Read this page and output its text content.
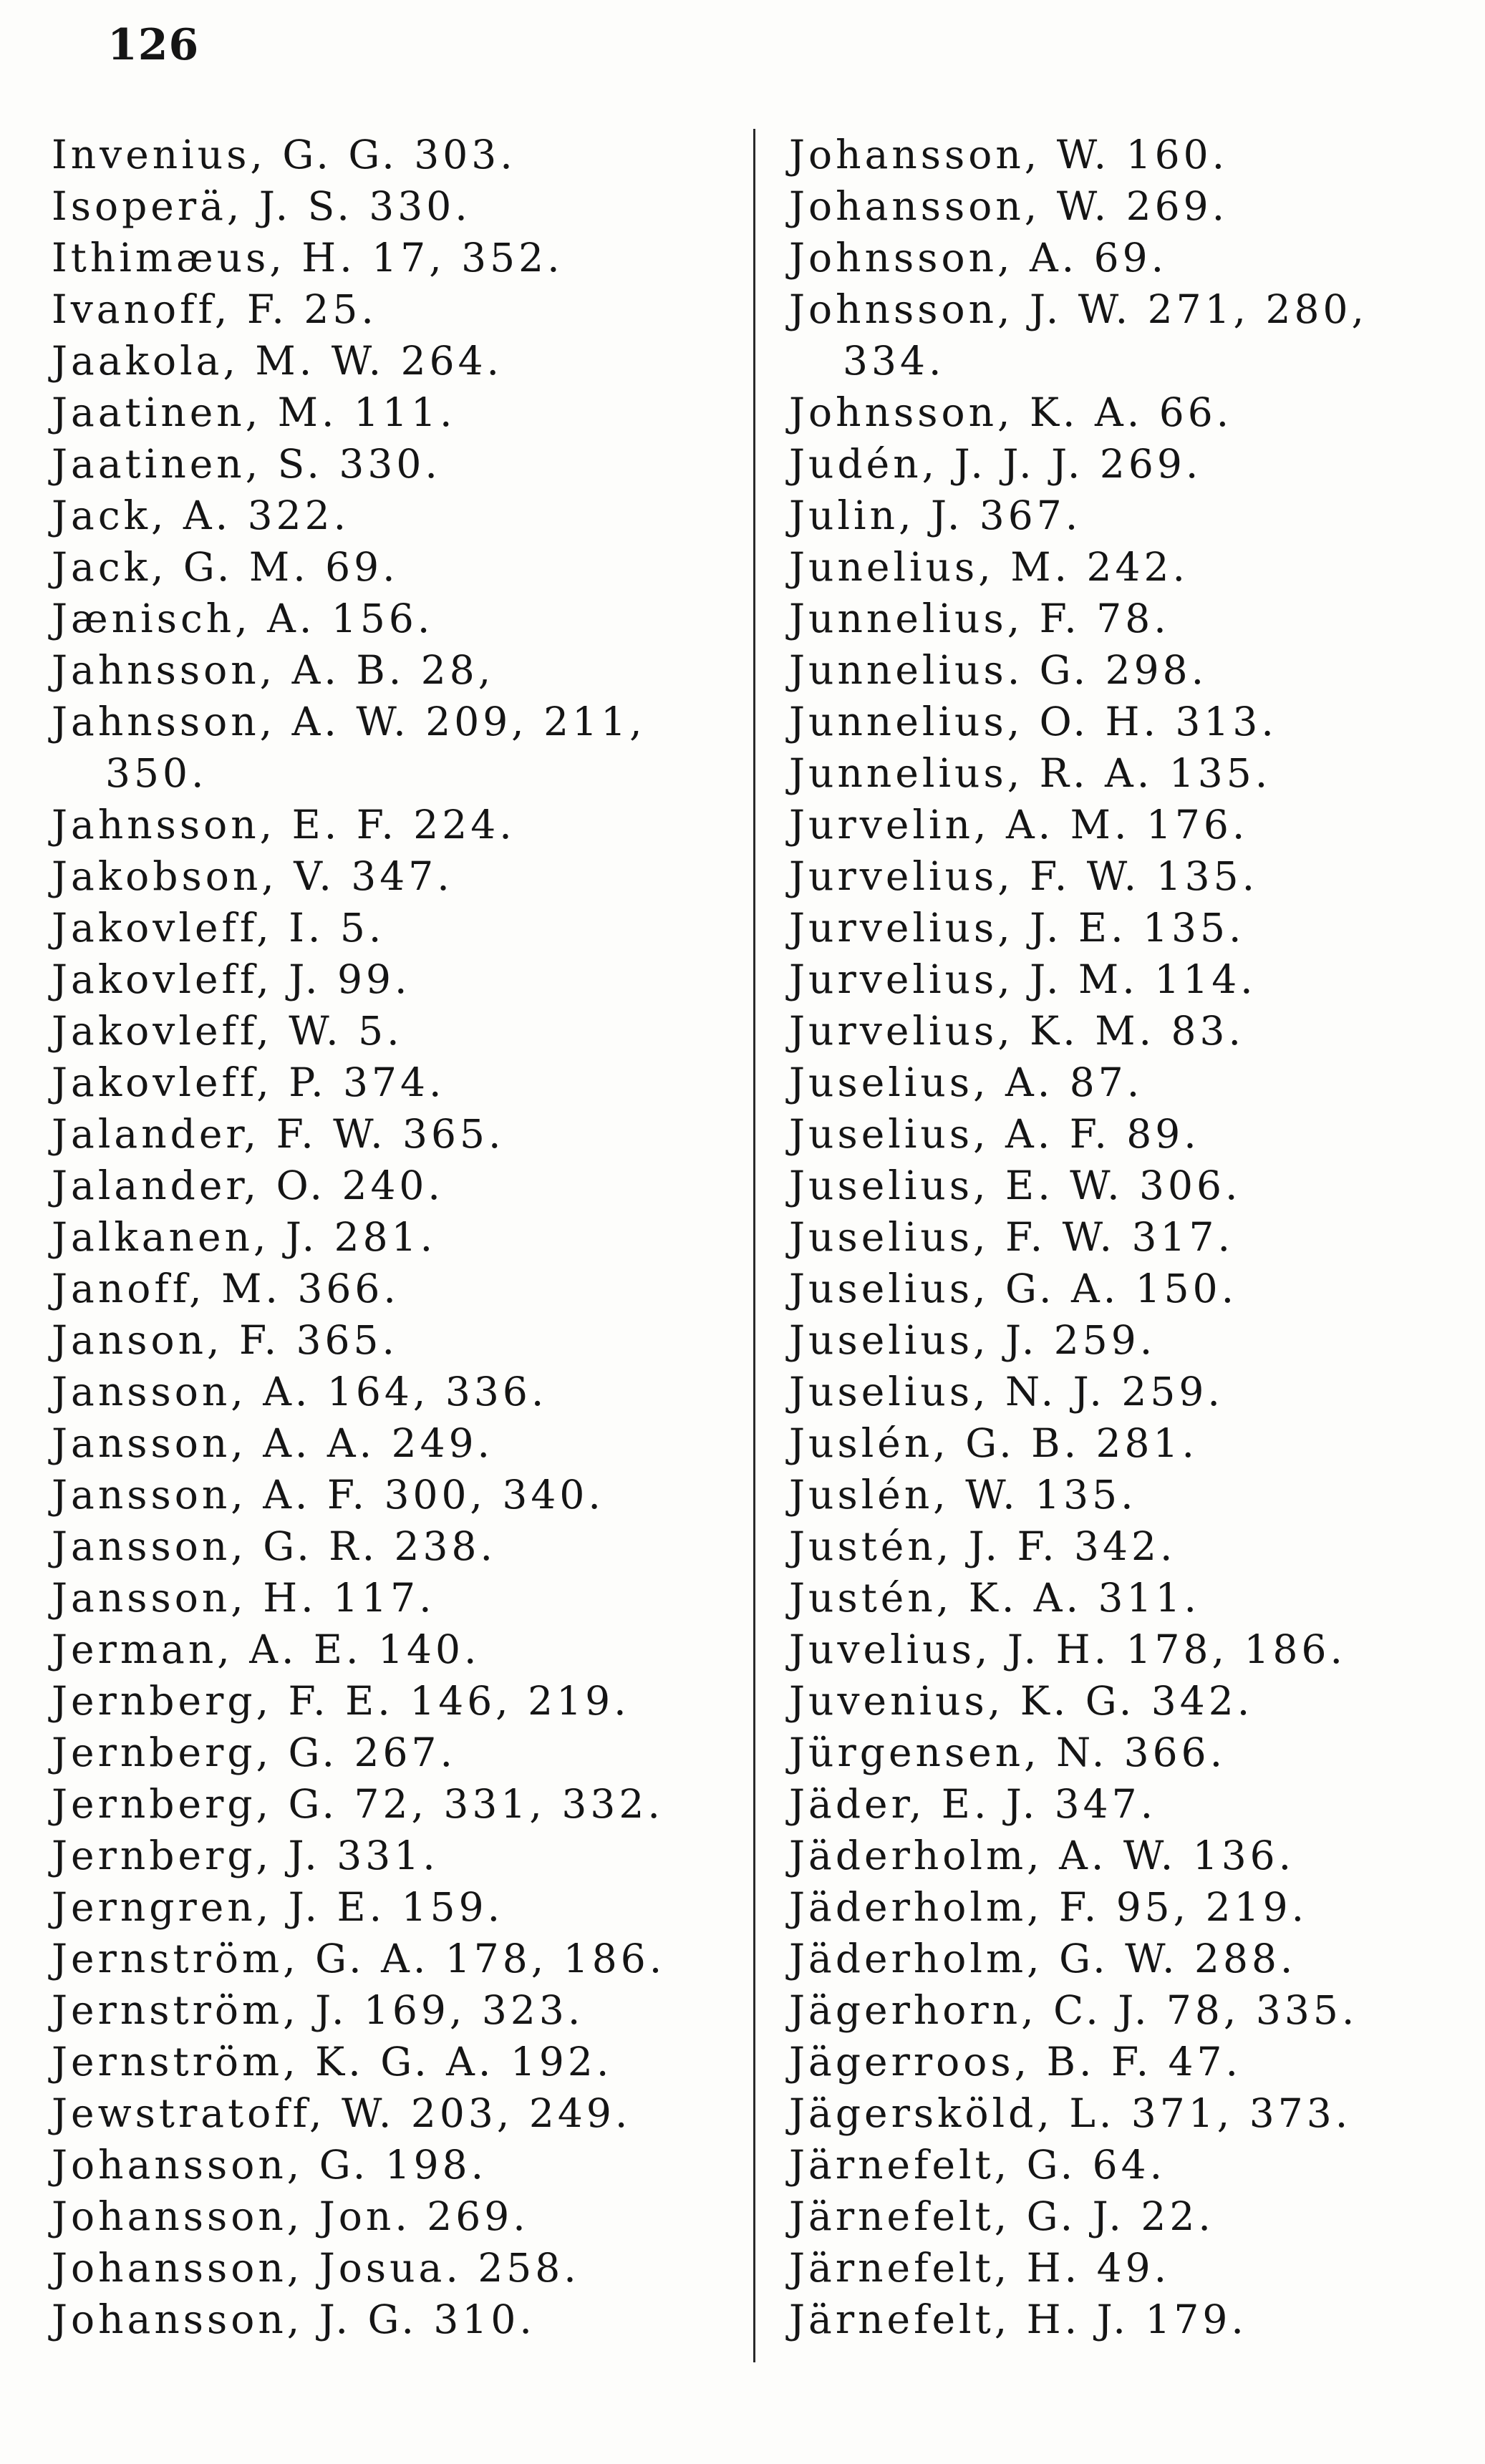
126
Invenius, G. G. 303.
Isoperä, J. S. 330.
Ithimæus, H. 17, 352.
Ivanoff, F. 25.
Jaakola, M. W. 264.
Jaatinen, M. 111.
Jaatinen, S. 330.
Jack, A. 322.
Jack, G. M. 69.
Jænisch, A. 156.
Jahnsson, A. B. 28,
Jahnsson, A. W. 209, 211,
350.
Jahnsson, E. F. 224.
Jakobson, V. 347.
Jakovleff, I. 5.
Jakovleff, J. 99.
Jakovleff, W. 5.
Jakovleff, P. 374.
Jalander, F. W. 365.
Jalander, O. 240.
Jalkanen, J. 281.
Janoff, M. 366.
Janson, F. 365.
Jansson, A. 164, 336.
Jansson, A. A. 249.
Jansson, A. F. 300, 340.
Jansson, G. R. 238.
Jansson, H. 117.
Jerman, A. E. 140.
Jernberg, F. E. 146, 219.
Jernberg, G. 267.
Jernberg, G. 72, 331, 332.
Jernberg, J. 331.
Jerngren, J. E. 159.
Jernström, G. A. 178, 186.
Jernström, J. 169, 323.
Jernström, K. G. A. 192.
Jewstratoff, W. 203, 249.
Johansson, G. 198.
Johansson, Jon. 269.
Johansson, Josua. 258.
Johansson, J. G. 310.
Johansson, W. 160.
Johansson, W. 269.
Johnsson, A. 69.
Johnsson, J. W. 271, 280,
334.
Johnsson, K. A. 66.
Judén, J. J. J. 269.
Julin, J. 367.
Junelius, M. 242.
Junnelius, F. 78.
Junnelius. G. 298.
Junnelius, O. H. 313.
Junnelius, R. A. 135.
Jurvelin, A. M. 176.
Jurvelius, F. W. 135.
Jurvelius, J. E. 135.
Jurvelius, J. M. 114.
Jurvelius, K. M. 83.
Juselius, A. 87.
Juselius, A. F. 89.
Juselius, E. W. 306.
Juselius, F. W. 317.
Juselius, G. A. 150.
Juselius, J. 259.
Juselius, N. J. 259.
Juslén, G. B. 281.
Juslén, W. 135.
Justén, J. F. 342.
Justén, K. A. 311.
Juvelius, J. H. 178, 186.
Juvenius, K. G. 342.
Jürgensen, N. 366.
Jäder, E. J. 347.
Jäderholm, A. W. 136.
Jäderholm, F. 95, 219.
Jäderholm, G. W. 288.
Jägerhorn, C. J. 78, 335.
Jägerroos, B. F. 47.
Jägersköld, L. 371, 373.
Järnefelt, G. 64.
Järnefelt, G. J. 22.
Järnefelt, H. 49.
Järnefelt, H. J. 179.
